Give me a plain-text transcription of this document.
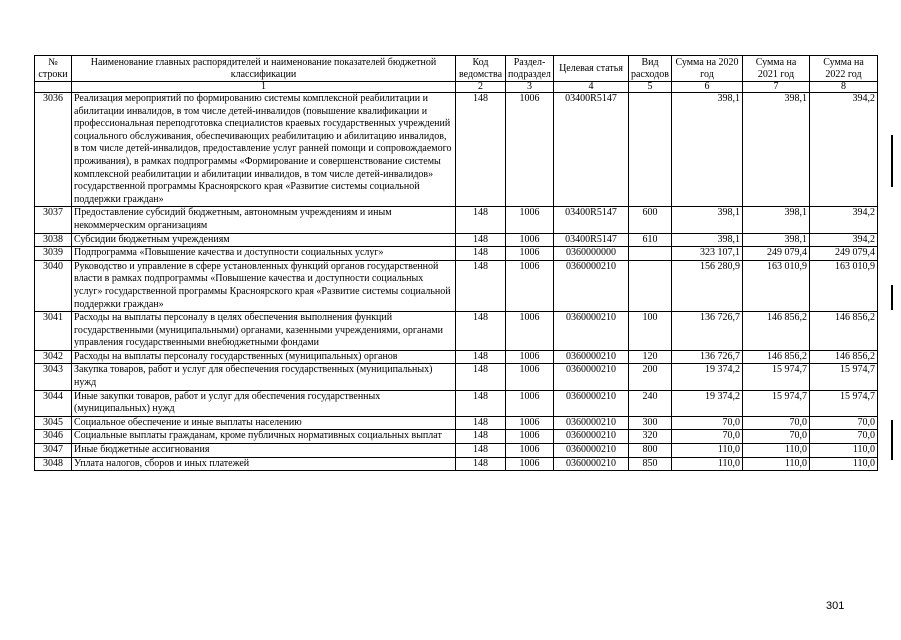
№
строки	Наименование главных распорядителей и наименование показателей бюджетной классификации	Код ведомства	Раздел-подраздел	Целевая статья	Вид расходов	Сумма на 2020 год	Сумма на 2021 год	Сумма на 2022 год
	1	2	3	4	5	6	7	8
3036	Реализация мероприятий по формированию системы комплексной реабилитации и абилитации инвалидов, в том числе детей-инвалидов (повышение квалификации и профессиональная переподготовка специалистов краевых государственных учреждений социального обслуживания, обеспечивающих реабилитацию и абилитацию инвалидов, в том числе детей-инвалидов, предоставление услуг ранней помощи и сопровождаемого проживания), в рамках подпрограммы «Формирование и совершенствование системы комплексной реабилитации и абилитации инвалидов, в том числе детей-инвалидов» государственной программы Красноярского края «Развитие системы социальной поддержки граждан»	148	1006	03400R5147		398,1	398,1	394,2
3037	Предоставление субсидий бюджетным, автономным учреждениям и иным некоммерческим организациям	148	1006	03400R5147	600	398,1	398,1	394,2
3038	Субсидии бюджетным учреждениям	148	1006	03400R5147	610	398,1	398,1	394,2
3039	Подпрограмма «Повышение качества и доступности социальных услуг»	148	1006	0360000000		323 107,1	249 079,4	249 079,4
3040	Руководство и управление в сфере установленных функций органов государственной власти в рамках подпрограммы «Повышение качества и доступности социальных услуг» государственной программы Красноярского края «Развитие системы социальной поддержки граждан»	148	1006	0360000210		156 280,9	163 010,9	163 010,9
3041	Расходы на выплаты персоналу в целях обеспечения выполнения функций государственными (муниципальными) органами, казенными учреждениями, органами управления государственными внебюджетными фондами	148	1006	0360000210	100	136 726,7	146 856,2	146 856,2
3042	Расходы на выплаты персоналу государственных (муниципальных) органов	148	1006	0360000210	120	136 726,7	146 856,2	146 856,2
3043	Закупка товаров, работ и услуг для обеспечения государственных (муниципальных) нужд	148	1006	0360000210	200	19 374,2	15 974,7	15 974,7
3044	Иные закупки товаров, работ и услуг для обеспечения государственных (муниципальных) нужд	148	1006	0360000210	240	19 374,2	15 974,7	15 974,7
3045	Социальное обеспечение и иные выплаты населению	148	1006	0360000210	300	70,0	70,0	70,0
3046	Социальные выплаты гражданам, кроме публичных нормативных социальных выплат	148	1006	0360000210	320	70,0	70,0	70,0
3047	Иные бюджетные ассигнования	148	1006	0360000210	800	110,0	110,0	110,0
3048	Уплата налогов, сборов и иных платежей	148	1006	0360000210	850	110,0	110,0	110,0
301
